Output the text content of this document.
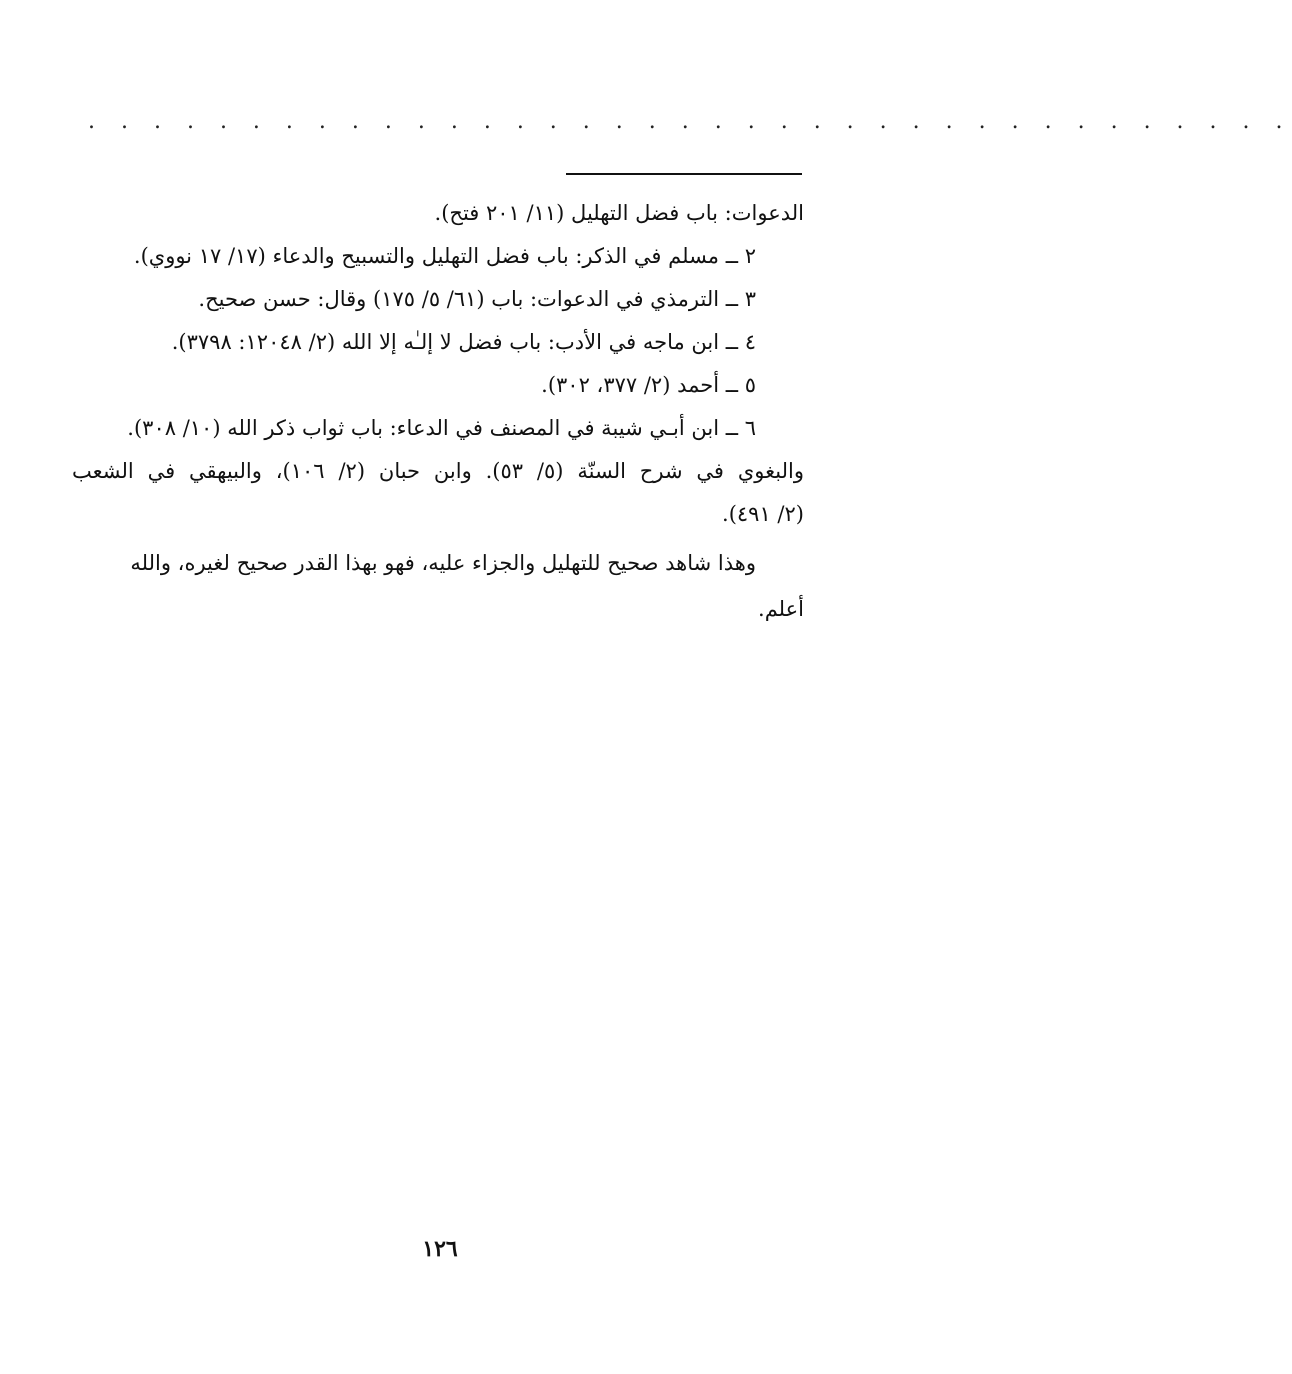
. . . . . . . . . . . . . . . . . . . . . . . . . . . . . . . . . . . . .
الدعوات: باب فضل التهليل (١١/ ٢٠١ فتح).
٢ ــ مسلم في الذكر: باب فضل التهليل والتسبيح والدعاء (١٧/ ١٧ نووي).
٣ ــ الترمذي في الدعوات: باب (٦١/ ٥/ ١٧٥) وقال: حسن صحيح.
٤ ــ ابن ماجه في الأدب: باب فضل لا إلـٰه إلا الله (٢/ ١٢٠٤٨: ٣٧٩٨).
٥ ــ أحمد (٢/ ٣٧٧، ٣٠٢).
٦ ــ ابن أبـي شيبة في المصنف في الدعاء: باب ثواب ذكر الله (١٠/ ٣٠٨).
والبغوي في شرح السنّة (٥/ ٥٣). وابن حبان (٢/ ١٠٦)، والبيهقي في الشعب
(٢/ ٤٩١).
وهذا شاهد صحيح للتهليل والجزاء عليه، فهو بهذا القدر صحيح لغيره، والله
أعلم.
١٢٦
